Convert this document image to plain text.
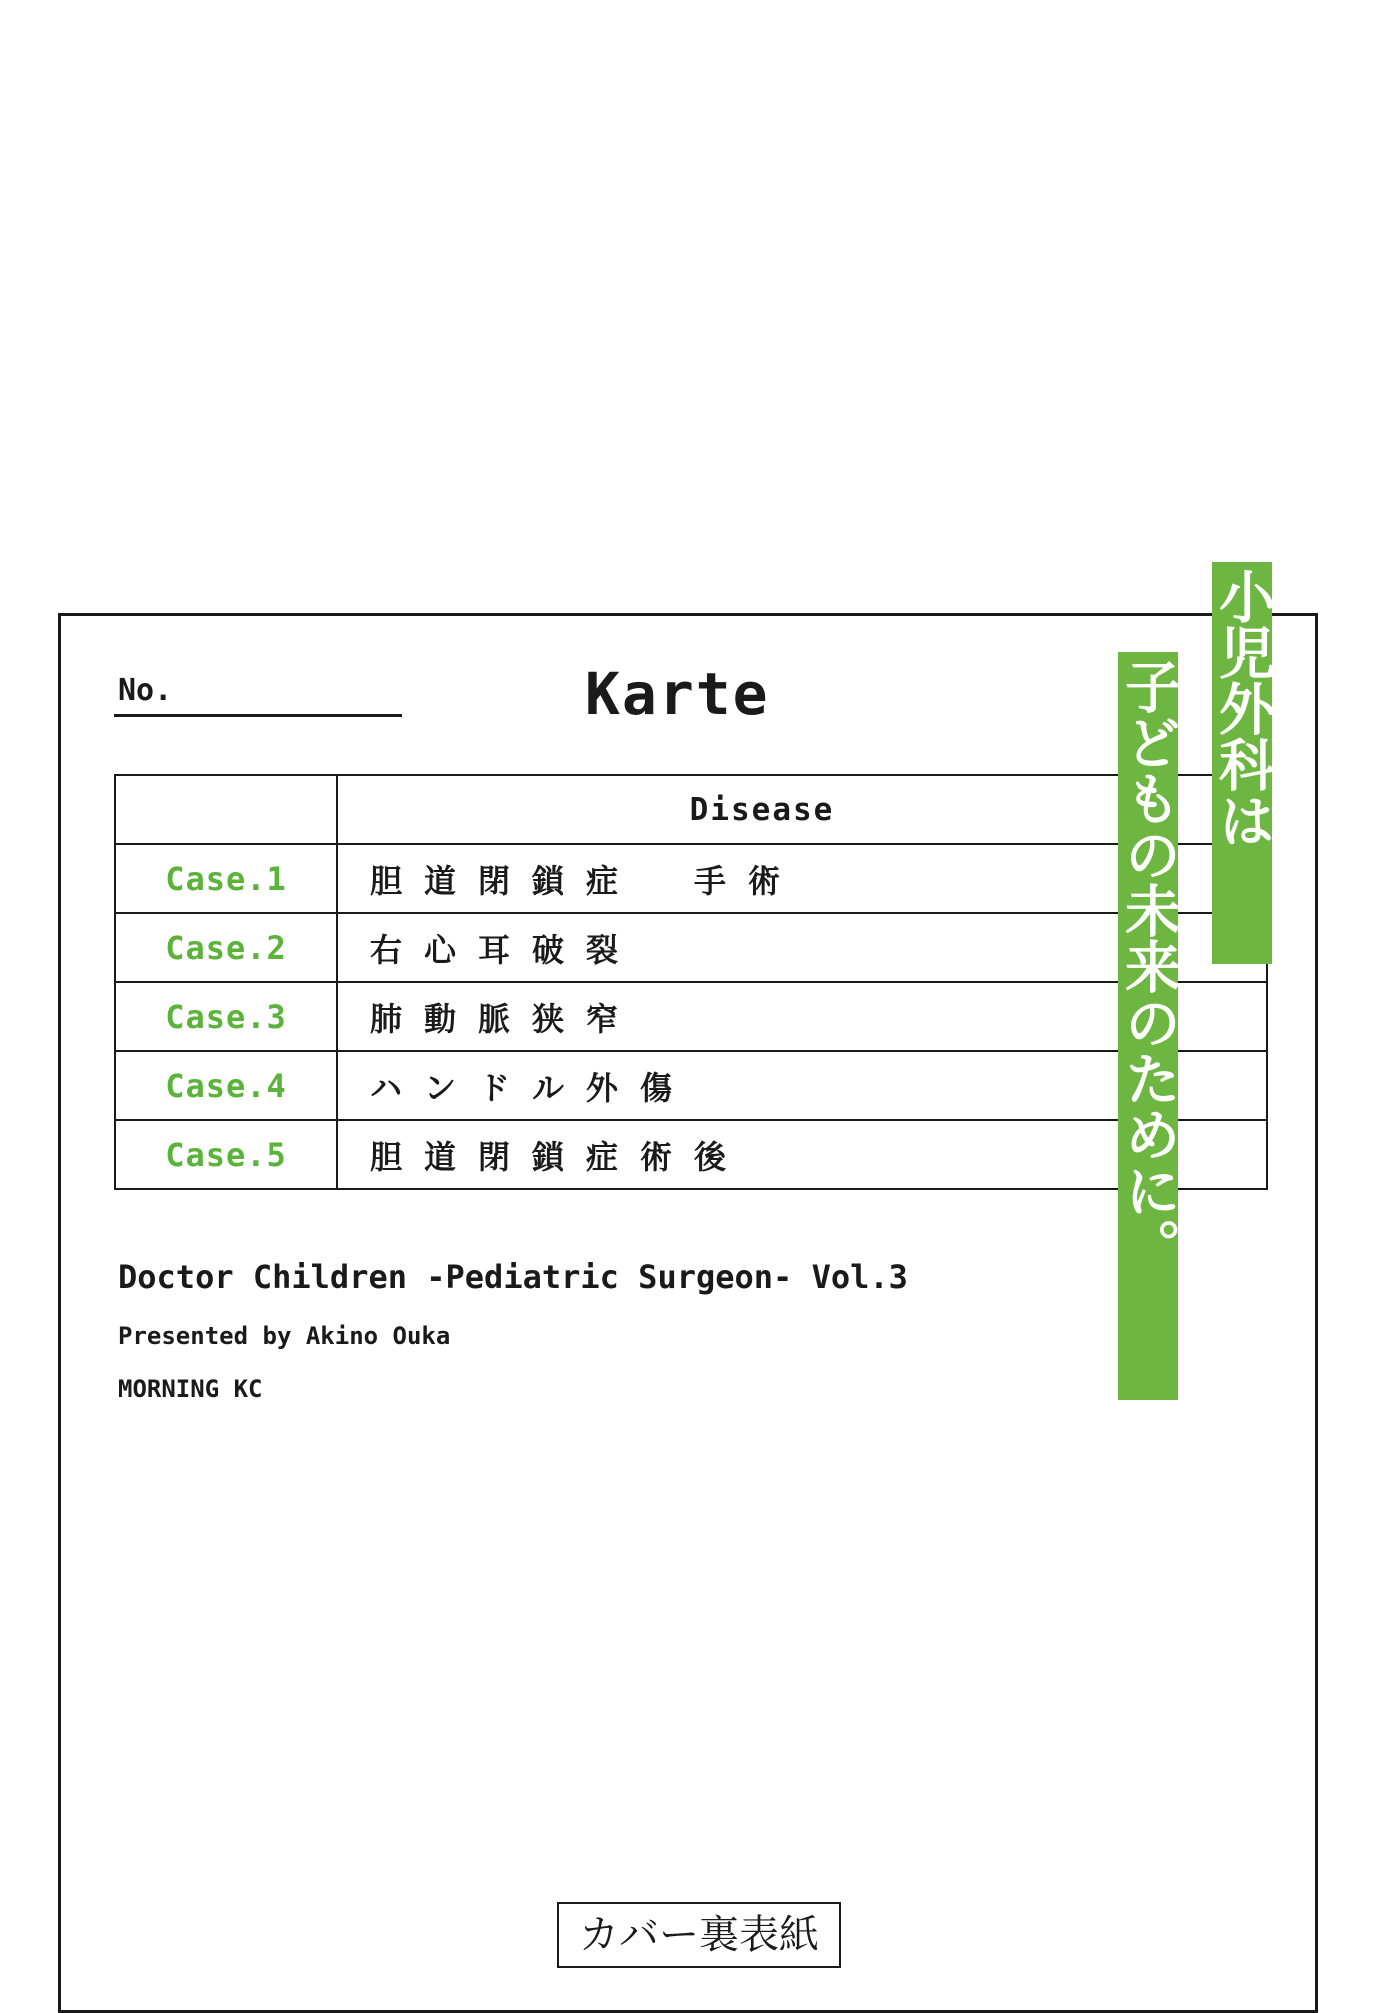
No.	Karte
	Disease
Case.1	胆道閉鎖症　手術
Case.2	右心耳破裂
Case.3	肺動脈狭窄
Case.4	ハンドル外傷
Case.5	胆道閉鎖症術後
Doctor Children -Pediatric Surgeon- Vol.3
Presented by Akino Ouka
MORNING KC
小児外科は
子どもの未来のために。
カバー裏表紙
